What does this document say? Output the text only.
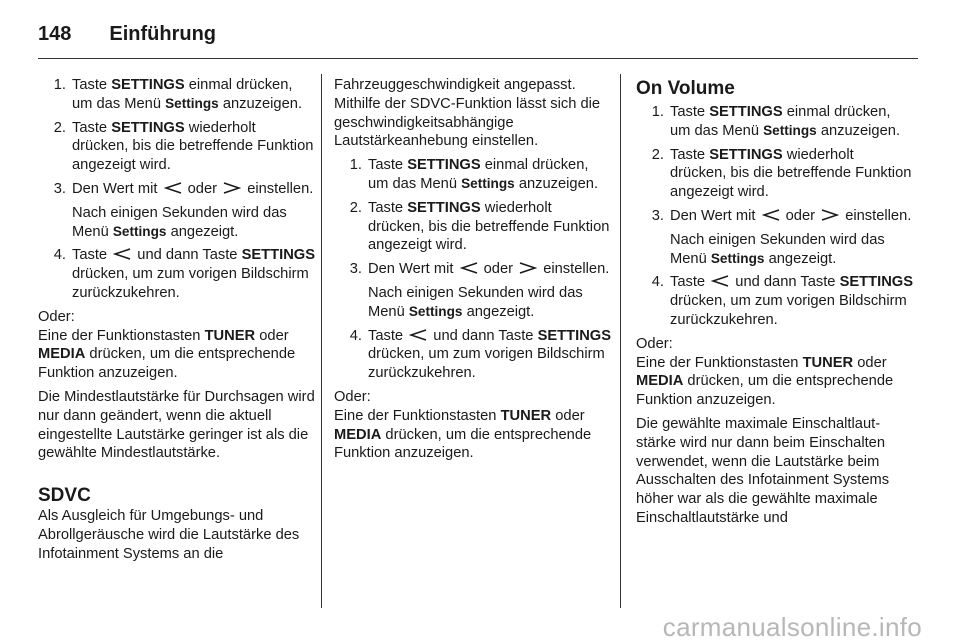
148 Einführung
1. Taste SETTINGS einmal drücken, um das Menü Settings anzuzeigen.

2. Taste SETTINGS wiederholt drücken, bis die betreffende Funktion angezeigt wird.

3. Den Wert mit oder einstellen.

Nach einigen Sekunden wird das Menü Settings angezeigt.

4. Taste und dann Taste SETTINGS drücken, um zum vorigen Bildschirm zurückzukehren.

Oder:

Eine der Funktionstasten TUNER oder MEDIA drücken, um die entsprechende Funktion anzuzeigen.

Die Mindestlautstärke für Durchsagen wird nur dann geändert, wenn die aktuell eingestellte Lautstärke geringer ist als die gewählte Mindestlautstärke.

SDVC

Als Ausgleich für Umgebungs- und Abrollgeräusche wird die Lautstärke des Infotainment Systems an die

Fahrzeuggeschwindigkeit angepasst. Mithilfe der SDVC-Funktion lässt sich die geschwindigkeitsabhängige Lautstärkeanhebung einstellen.

1. Taste SETTINGS einmal drücken, um das Menü Settings anzuzeigen.

2. Taste SETTINGS wiederholt drücken, bis die betreffende Funktion angezeigt wird.

3. Den Wert mit oder einstellen.

Nach einigen Sekunden wird das Menü Settings angezeigt.

4. Taste und dann Taste SETTINGS drücken, um zum vorigen Bildschirm zurückzukehren.

Oder:

Eine der Funktionstasten TUNER oder MEDIA drücken, um die entsprechende Funktion anzuzeigen.

On Volume
1. Taste SETTINGS einmal drücken, um das Menü Settings anzuzeigen.

2. Taste SETTINGS wiederholt drücken, bis die betreffende Funktion angezeigt wird.

3. Den Wert mit oder einstellen.

Nach einigen Sekunden wird das Menü Settings angezeigt.

4. Taste und dann Taste SETTINGS drücken, um zum vorigen Bildschirm zurückzukehren.

Oder:

Eine der Funktionstasten TUNER oder MEDIA drücken, um die entsprechende Funktion anzuzeigen.

Die gewählte maximale Einschaltlautstärke wird nur dann beim Einschalten verwendet, wenn die Lautstärke beim Ausschalten des Infotainment Systems höher war als die gewählte maximale Einschaltlautstärke und

carmanualsonline.info
